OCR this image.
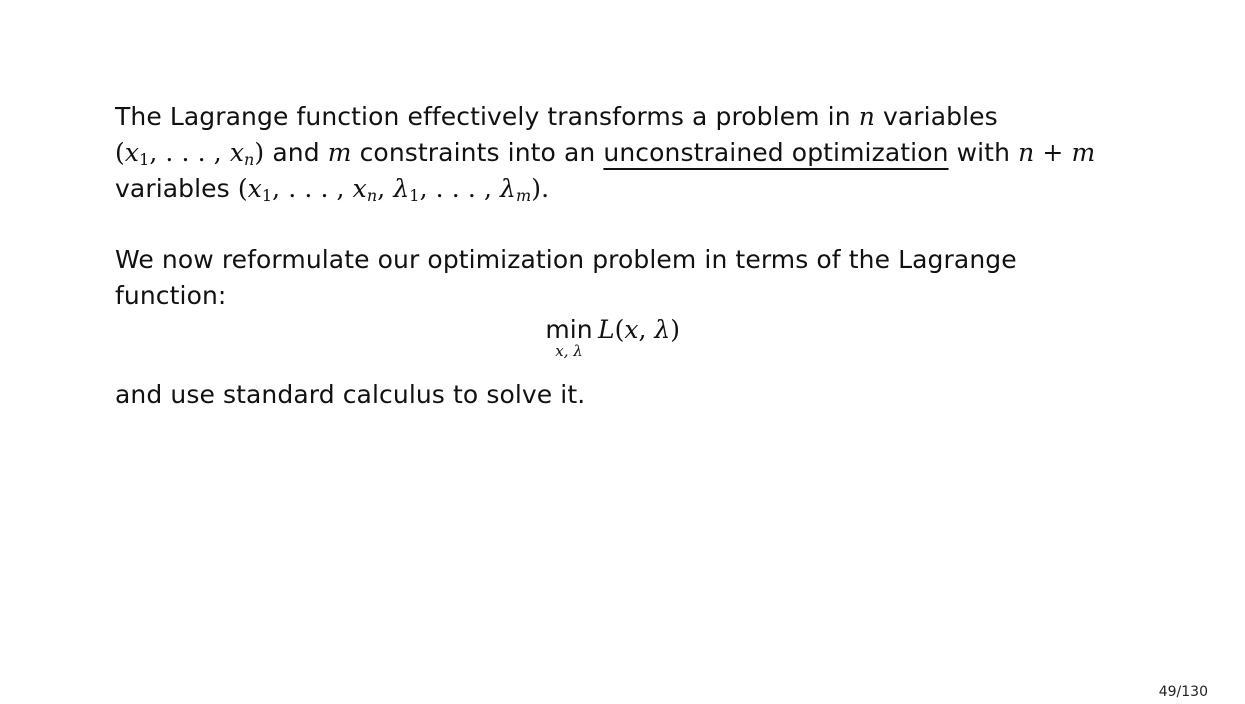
The Lagrange function effectively transforms a problem in n variables
($x_1$, . . . , $x_n$) and m constraints into an unconstrained optimization with n + m
variables ($x_1$, . . . , $x_n$, $\lambda_1$, . . . , $\lambda_m$).
We now reformulate our optimization problem in terms of the Lagrange
function:
min
x, λ
L(x, λ)
and use standard calculus to solve it.
49/130
